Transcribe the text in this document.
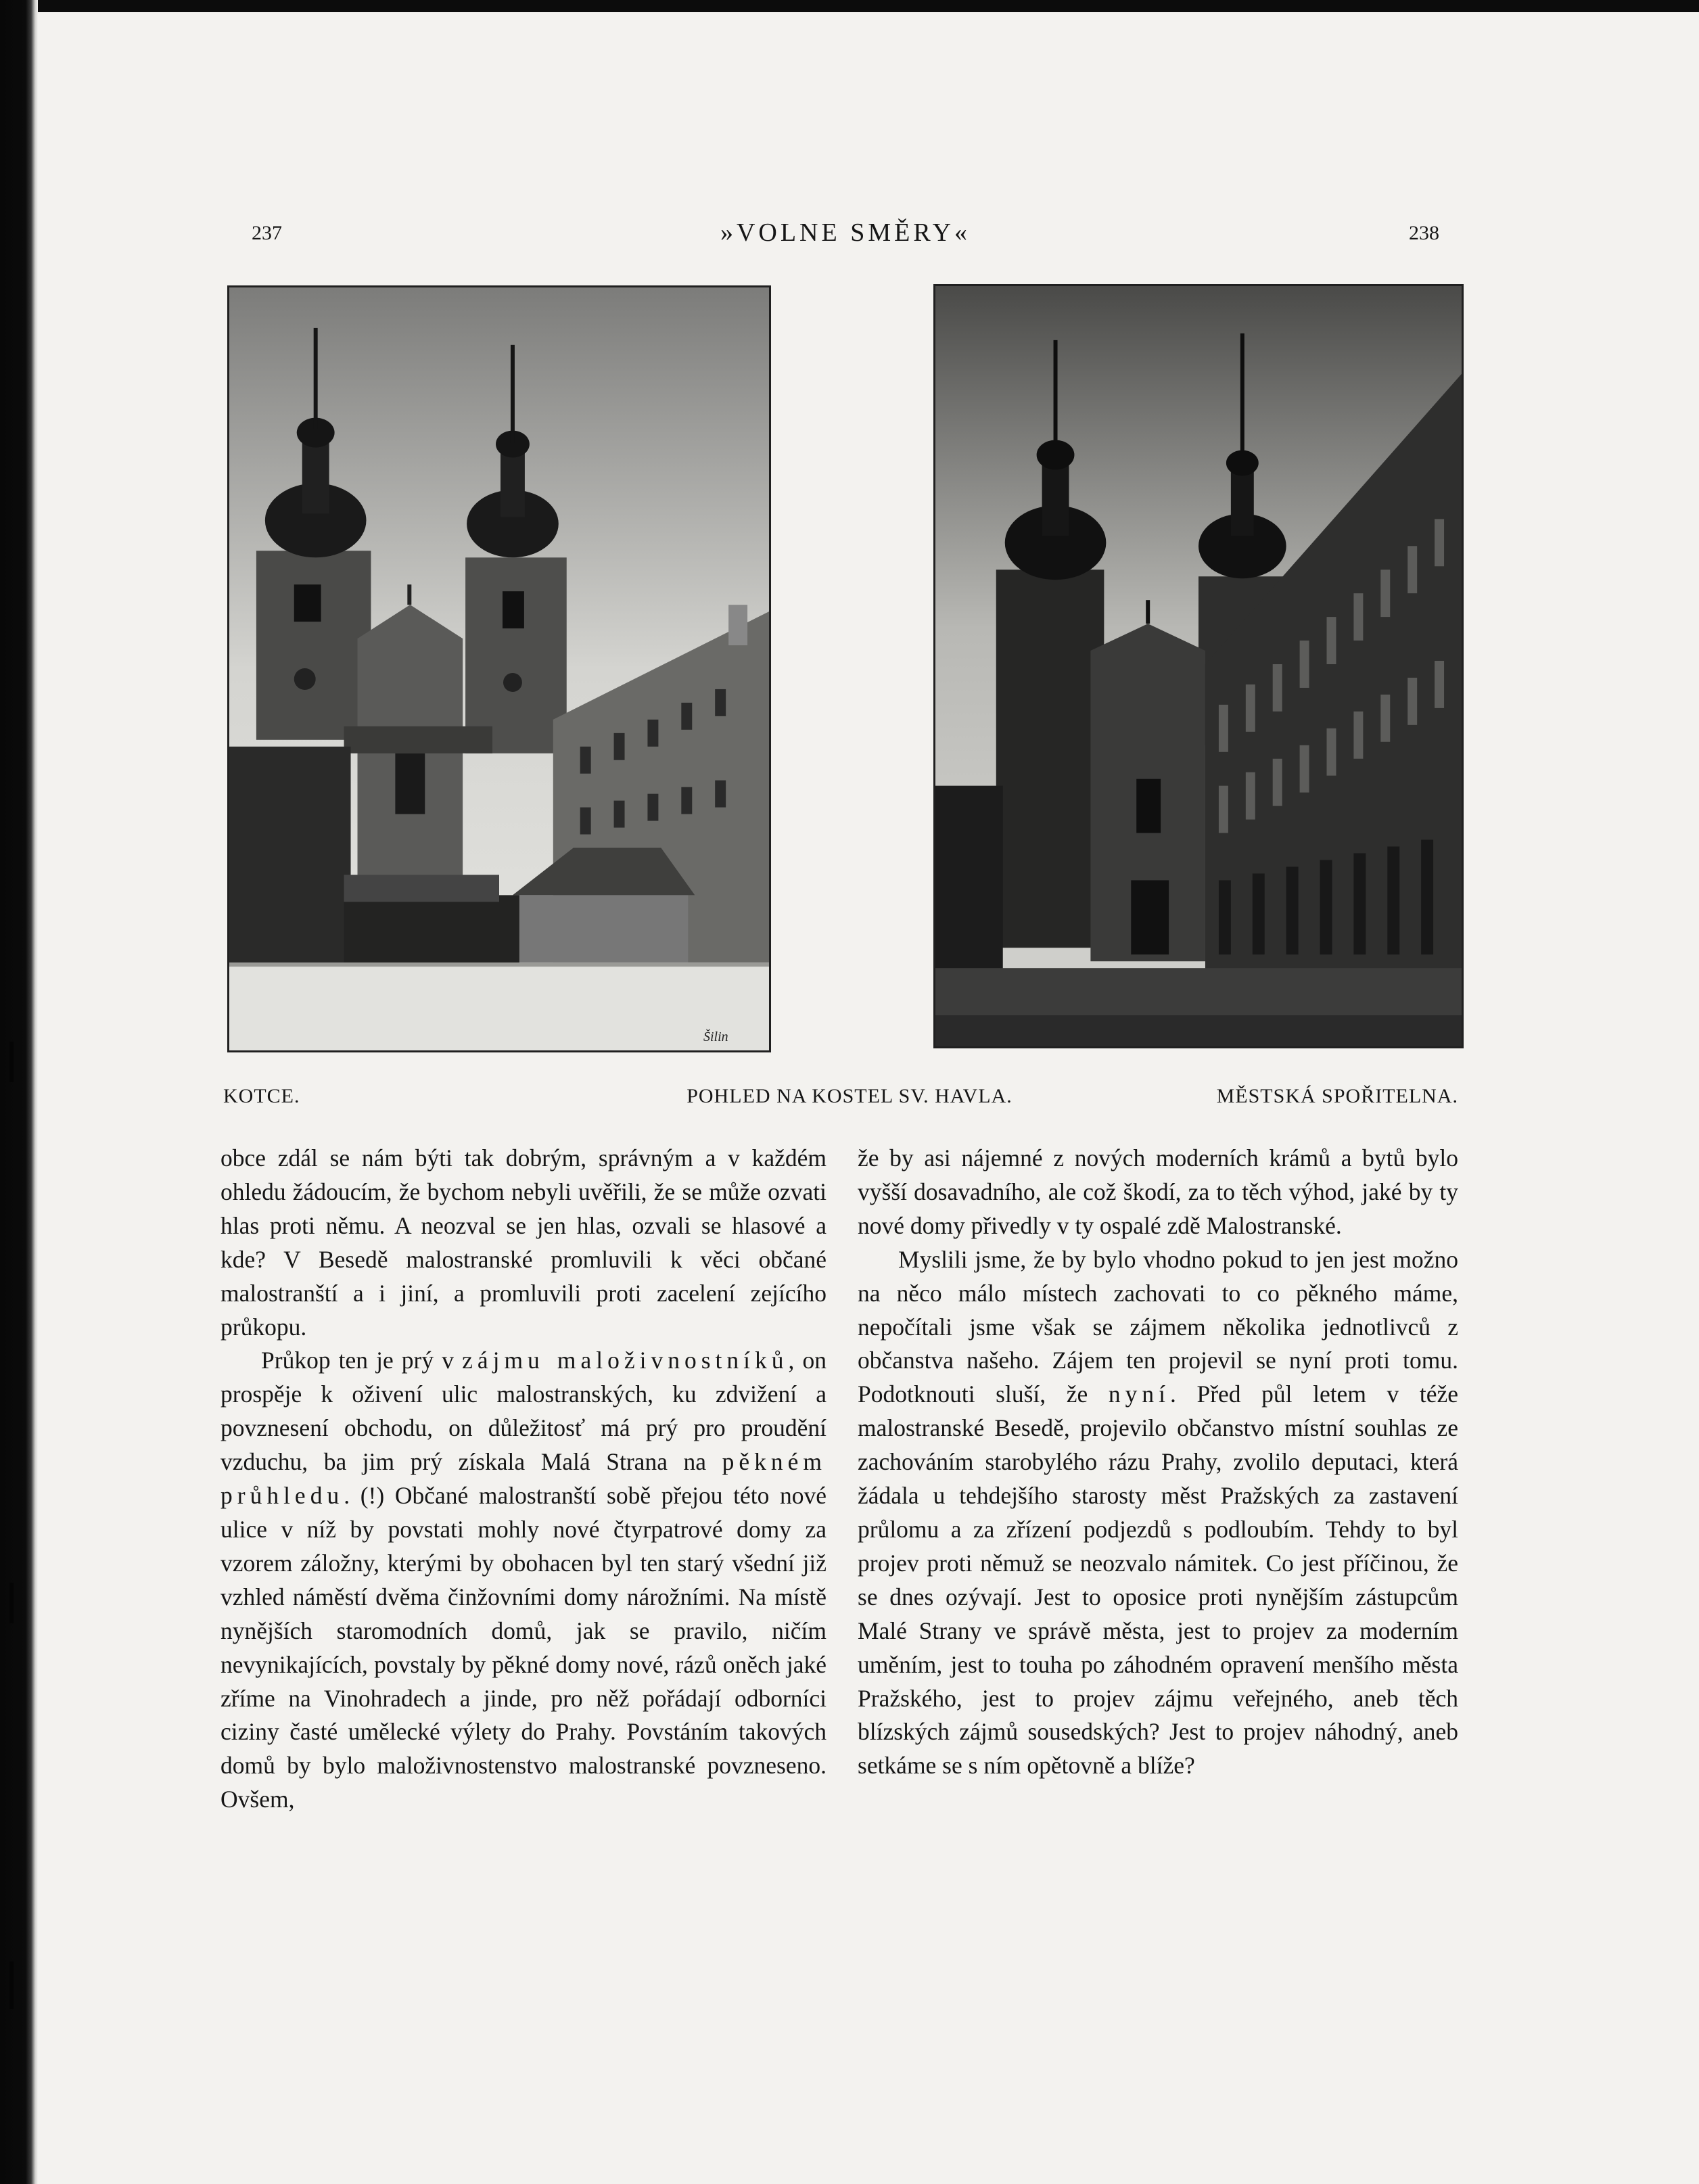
237	»VOLNE SMĚRY«	238
Šilin
KOTCE.	POHLED NA KOSTEL SV. HAVLA.	MĚSTSKÁ SPOŘITELNA.

obce zdál se nám býti tak dobrým, správným a v každém ohledu žádoucím, že bychom nebyli uvěřili, že se může ozvati hlas proti němu. A neozval se jen hlas, ozvali se hlasové a kde? V Besedě malostranské promluvili k věci občané malostranští a i jiní, a promluvili proti zacelení zejícího průkopu.

Průkop ten je prý v zájmu maloživnostníků, on prospěje k oživení ulic malostranských, ku zdvižení a povznesení obchodu, on důležitosť má prý pro proudění vzduchu, ba jim prý získala Malá Strana na pěkném průhledu. (!) Občané malostranští sobě přejou této nové ulice v níž by povstati mohly nové čtyrpatrové domy za vzorem záložny, kterými by obohacen byl ten starý všední již vzhled náměstí dvěma činžovními domy nárožními. Na místě nynějších staromodních domů, jak se pravilo, ničím nevynikajících, povstaly by pěkné domy nové, rázů oněch jaké zříme na Vinohradech a jinde, pro něž pořádají odborníci ciziny časté umělecké výlety do Prahy. Povstáním takových domů by bylo maloživnostenstvo malostranské povzneseno. Ovšem,

že by asi nájemné z nových moderních krámů a bytů bylo vyšší dosavadního, ale což škodí, za to těch výhod, jaké by ty nové domy přivedly v ty ospalé zdě Malostranské.

Myslili jsme, že by bylo vhodno pokud to jen jest možno na něco málo místech zachovati to co pěkného máme, nepočítali jsme však se zájmem několika jednotlivců z občanstva našeho. Zájem ten projevil se nyní proti tomu. Podotknouti sluší, že nyní. Před půl letem v téže malostranské Besedě, projevilo občanstvo místní souhlas ze zachováním starobylého rázu Prahy, zvolilo deputaci, která žádala u tehdejšího starosty měst Pražských za zastavení průlomu a za zřízení podjezdů s podloubím. Tehdy to byl projev proti němuž se neozvalo námitek. Co jest příčinou, že se dnes ozývají. Jest to oposice proti nynějším zástupcům Malé Strany ve správě města, jest to projev za moderním uměním, jest to touha po záhodném opravení menšího města Pražského, jest to projev zájmu veřejného, aneb těch blízských zájmů sousedských? Jest to projev náhodný, aneb setkáme se s ním opětovně a blíže?
